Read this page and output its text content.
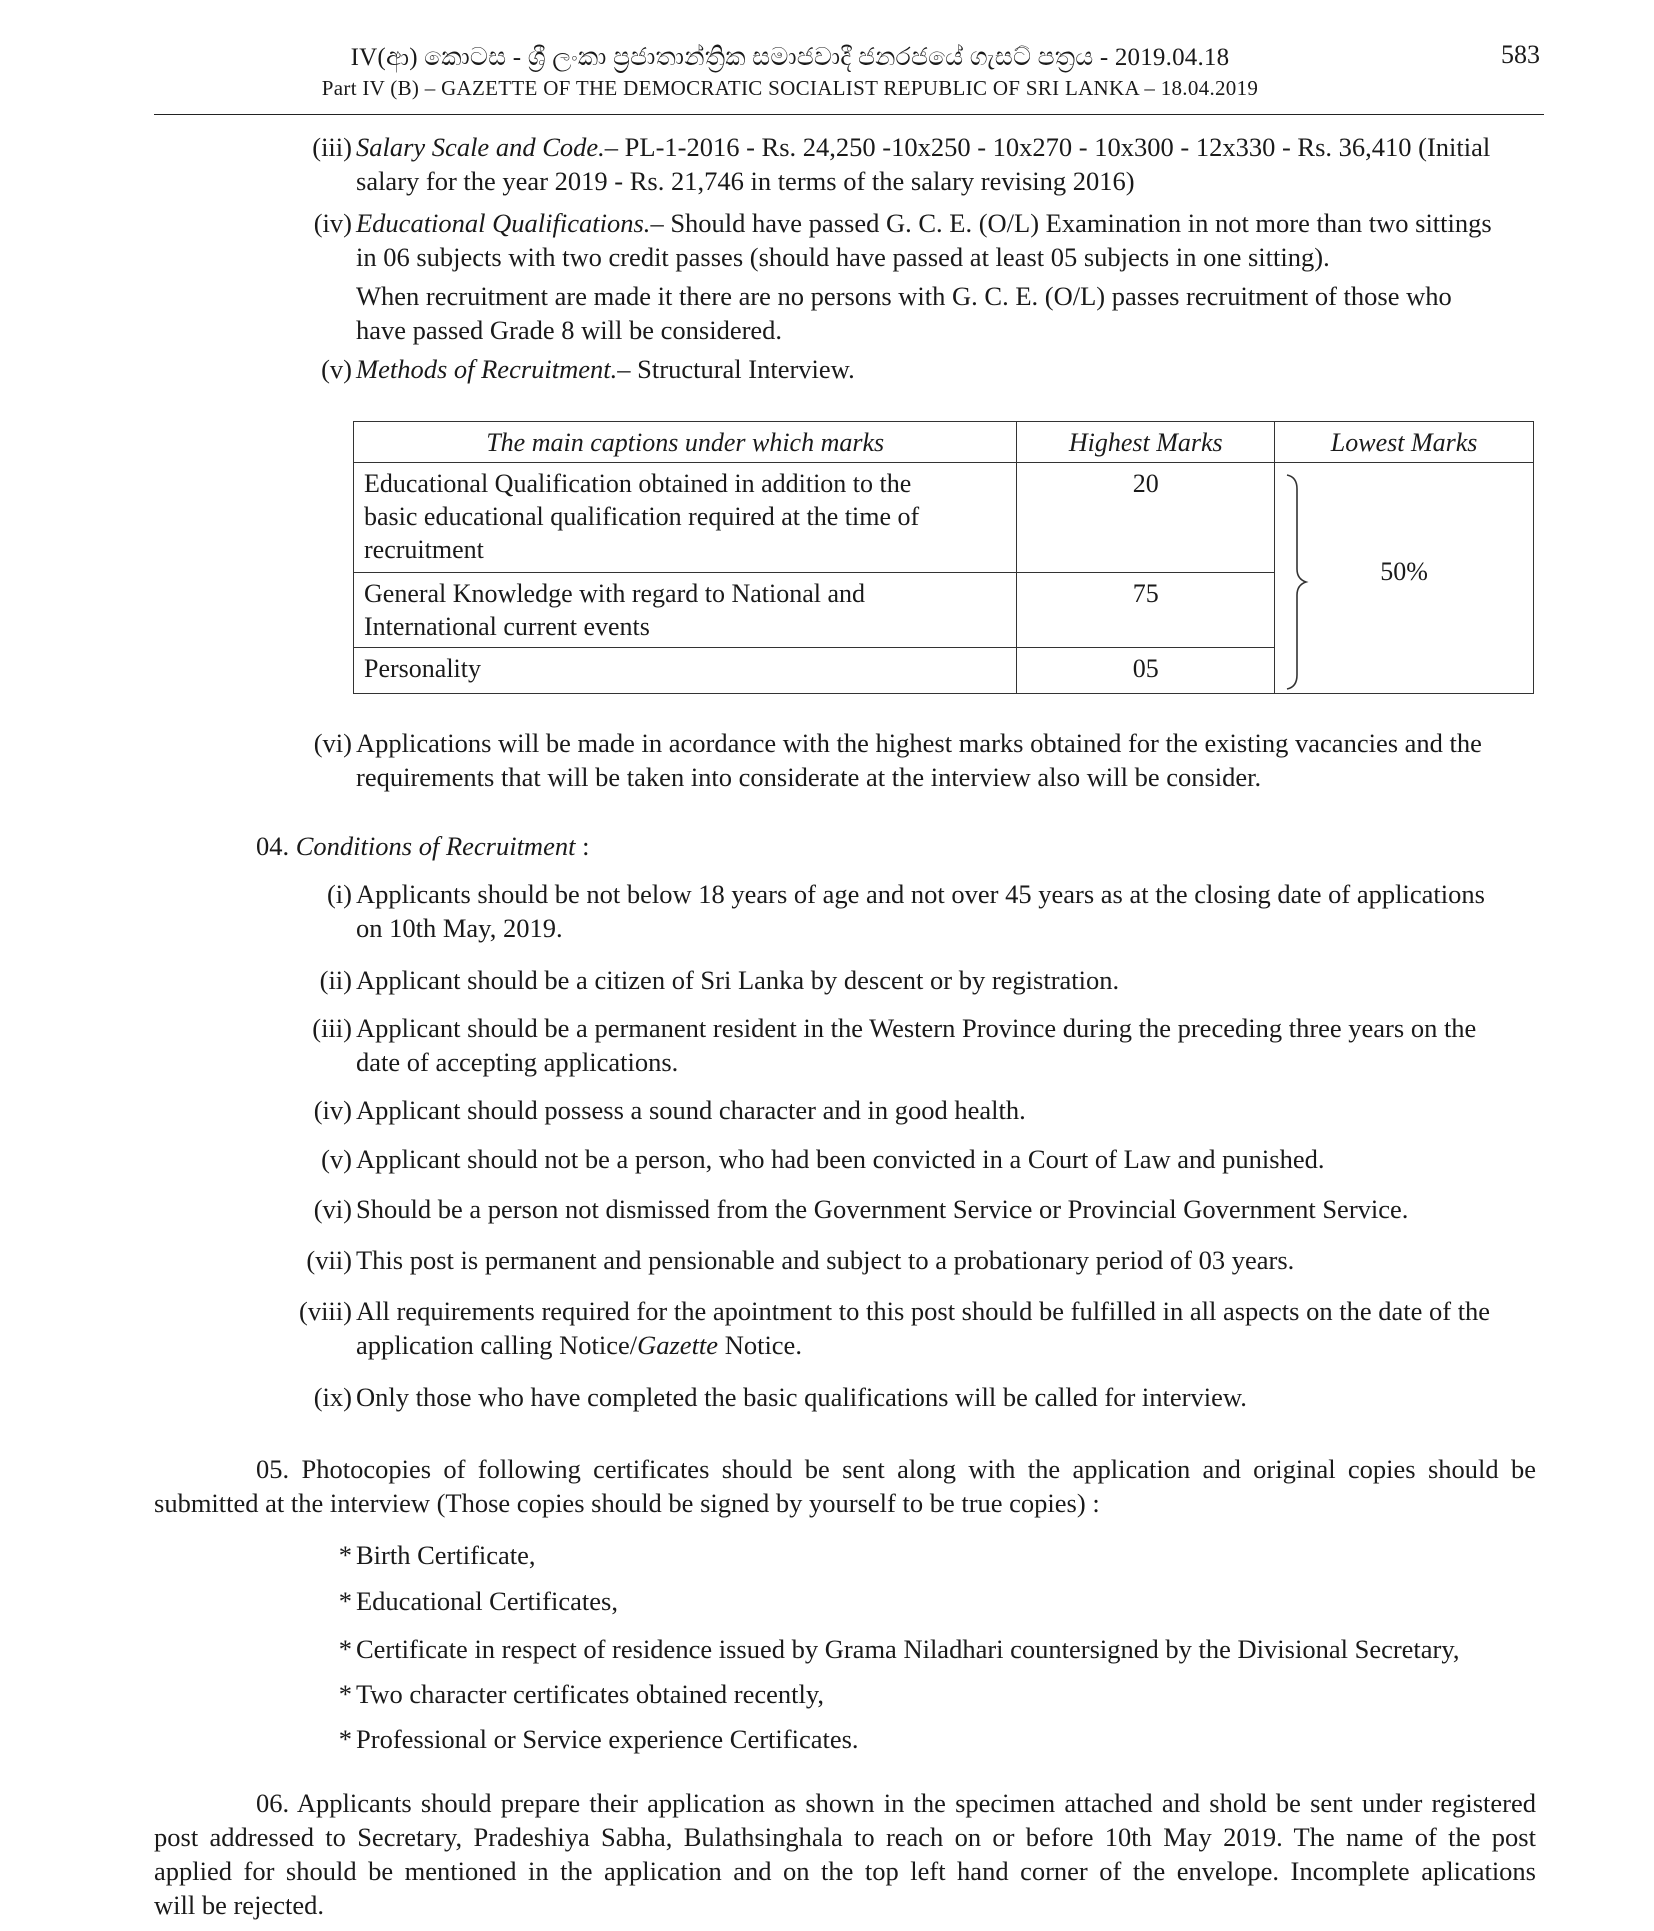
IV(ආ) කොටස - ශ්‍රී ලංකා ප්‍රජාතාන්ත්‍රික සමාජවාදී ජනරජයේ ගැසට් පත්‍රය - 2019.04.18
Part IV (B) – GAZETTE OF THE DEMOCRATIC SOCIALIST REPUBLIC OF SRI LANKA – 18.04.2019
583
(iii) Salary Scale and Code.– PL-1-2016 - Rs. 24,250 -10x250 - 10x270 - 10x300 - 12x330 - Rs. 36,410 (Initial
salary for the year 2019 - Rs. 21,746 in terms of the salary revising 2016)
(iv) Educational Qualifications.– Should have passed G. C. E. (O/L) Examination in not more than two sittings
in 06 subjects with two credit passes (should have passed at least 05 subjects in one sitting).
When recruitment are made it there are no persons with G. C. E. (O/L) passes recruitment of those who
have passed Grade 8 will be considered.
(v) Methods of Recruitment.– Structural Interview.
The main captions under which marks	Highest Marks	Lowest Marks
Educational Qualification obtained in addition to the
basic educational qualification required at the time of
recruitment	20	50%

General Knowledge with regard to National and
International current events	75	
Personality	05	
(vi) Applications will be made in acordance with the highest marks obtained for the existing vacancies and the
requirements that will be taken into considerate at the interview also will be consider.
04. Conditions of Recruitment :
(i) Applicants should be not below 18 years of age and not over 45 years as at the closing date of applications
on 10th May, 2019.
(ii) Applicant should be a citizen of Sri Lanka by descent or by registration.
(iii) Applicant should be a permanent resident in the Western Province during the preceding three years on the
date of accepting applications.
(iv) Applicant should possess a sound character and in good health.
(v) Applicant should not be a person, who had been convicted in a Court of Law and punished.
(vi) Should be a person not dismissed from the Government Service or Provincial Government Service.
(vii) This post is permanent and pensionable and subject to a probationary period of 03 years.
(viii) All requirements required for the apointment to this post should be fulfilled in all aspects on the date of the
application calling Notice/Gazette Notice.
(ix) Only those who have completed the basic qualifications will be called for interview.
05. Photocopies of following certificates should be sent along with the application and original copies should be
submitted at the interview (Those copies should be signed by yourself to be true copies) :
* Birth Certificate,
* Educational Certificates,
* Certificate in respect of residence issued by Grama Niladhari countersigned by the Divisional Secretary,
* Two character certificates obtained recently,
* Professional or Service experience Certificates.
06. Applicants should prepare their application as shown in the specimen attached and shold be sent under registered
post addressed to Secretary, Pradeshiya Sabha, Bulathsinghala to reach on or before 10th May 2019. The name of the post
applied for should be mentioned in the application and on the top left hand corner of the envelope. Incomplete aplications
will be rejected.
